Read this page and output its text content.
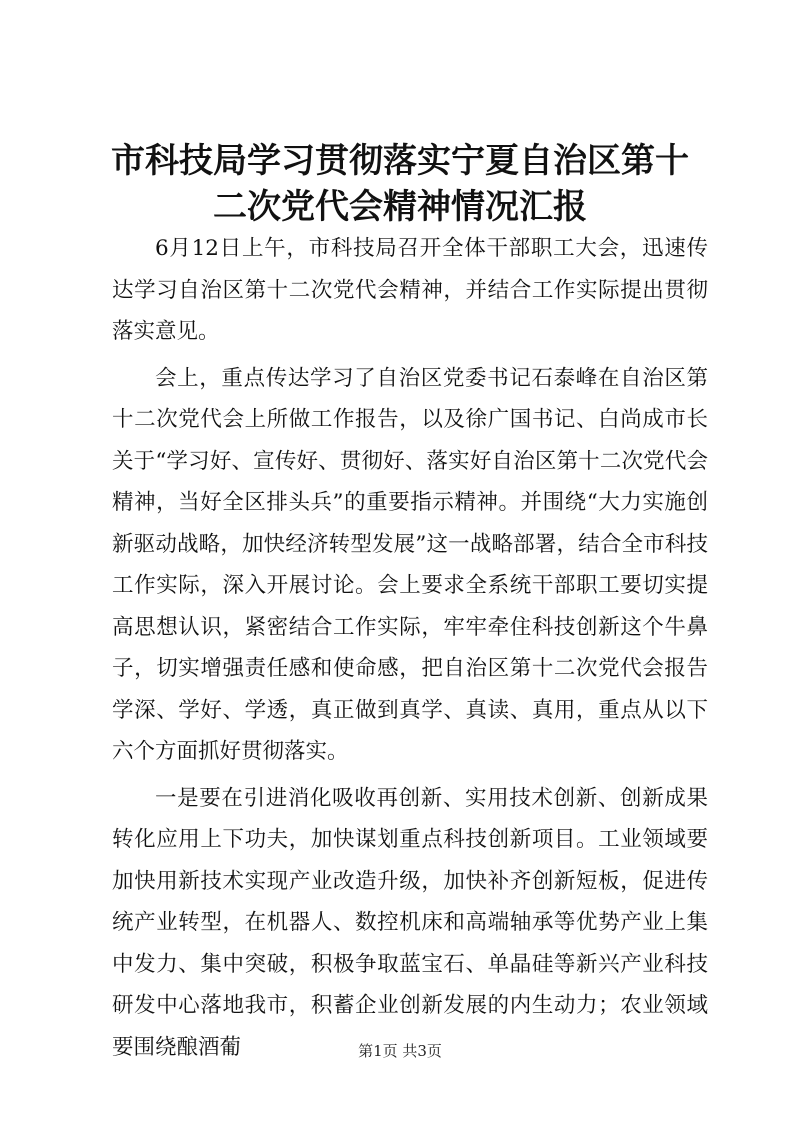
市科技局学习贯彻落实宁夏自治区第十二次党代会精神情况汇报

6月12日上午，市科技局召开全体干部职工大会，迅速传达学习自治区第十二次党代会精神，并结合工作实际提出贯彻落实意见。

会上，重点传达学习了自治区党委书记石泰峰在自治区第十二次党代会上所做工作报告，以及徐广国书记、白尚成市长关于“学习好、宣传好、贯彻好、落实好自治区第十二次党代会精神，当好全区排头兵”的重要指示精神。并围绕“大力实施创新驱动战略，加快经济转型发展”这一战略部署，结合全市科技工作实际，深入开展讨论。会上要求全系统干部职工要切实提高思想认识，紧密结合工作实际，牢牢牵住科技创新这个牛鼻子，切实增强责任感和使命感，把自治区第十二次党代会报告学深、学好、学透，真正做到真学、真读、真用，重点从以下六个方面抓好贯彻落实。

一是要在引进消化吸收再创新、实用技术创新、创新成果转化应用上下功夫，加快谋划重点科技创新项目。工业领域要加快用新技术实现产业改造升级，加快补齐创新短板，促进传统产业转型，在机器人、数控机床和高端轴承等优势产业上集中发力、集中突破，积极争取蓝宝石、单晶硅等新兴产业科技研发中心落地我市，积蓄企业创新发展的内生动力；农业领域要围绕酿酒葡	第1页 共3页
